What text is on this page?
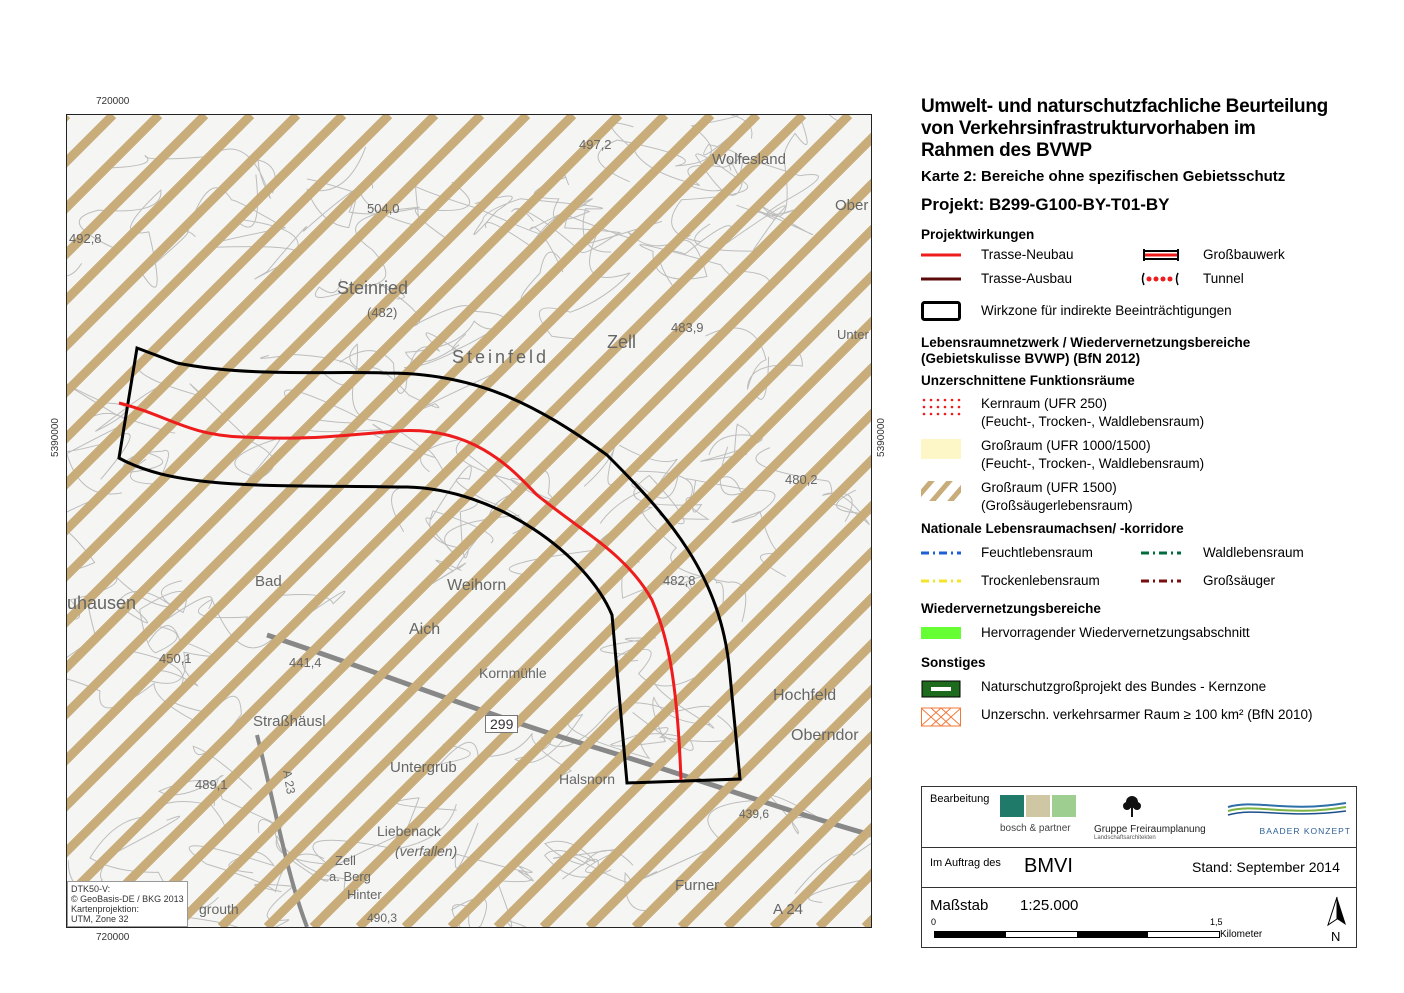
720000
720000
5390000	5390000
Steinried
(482)
Steinfeld
Zell
483,9
Wolfesland
504,0
497,2
492,8
Ober
Unter
480,2
Weihorn
Bad
uhausen
Aich
450,1	441,4
Kornmühle
482,8
Straßhäusl	299
Untergrub
Halsnorn
Hochfeld
Oberndor
489,1
Liebenack
(verfallen)
Zell
a. Berg
Hinter
grouth
490,3
439,6
A 23
A 24
Furner
DTK50-V:
© GeoBasis-DE / BKG 2013
Kartenprojektion:
UTM, Zone 32
Umwelt- und naturschutzfachliche Beurteilung
von Verkehrsinfrastrukturvorhaben im
Rahmen des BVWP
Karte 2: Bereiche ohne spezifischen Gebietsschutz
Projekt: B299-G100-BY-T01-BY
Projektwirkungen
Trasse-Neubau	Großbauwerk
Trasse-Ausbau	Tunnel
Wirkzone für indirekte Beeinträchtigungen
Lebensraumnetzwerk / Wiedervernetzungsbereiche
(Gebietskulisse BVWP) (BfN 2012)
Unzerschnittene Funktionsräume
Kernraum (UFR 250)
(Feucht-, Trocken-, Waldlebensraum)
Großraum (UFR 1000/1500)
(Feucht-, Trocken-, Waldlebensraum)
Großraum (UFR 1500)
(Großsäugerlebensraum)
Nationale Lebensraumachsen/ -korridore
Feuchtlebensraum	Waldlebensraum
Trockenlebensraum	Großsäuger
Wiedervernetzungsbereiche
Hervorragender Wiedervernetzungsabschnitt
Sonstiges
Naturschutzgroßprojekt des Bundes - Kernzone
Unzerschn. verkehrsarmer Raum ≥ 100 km² (BfN 2010)
Bearbeitung
bosch & partner	Gruppe Freiraumplanung
Landschaftsarchitekten
BAADER KONZEPT
Im Auftrag des BMVI	Stand: September 2014
Maßstab 1:25.000
0	1,5
Kilometer	N
